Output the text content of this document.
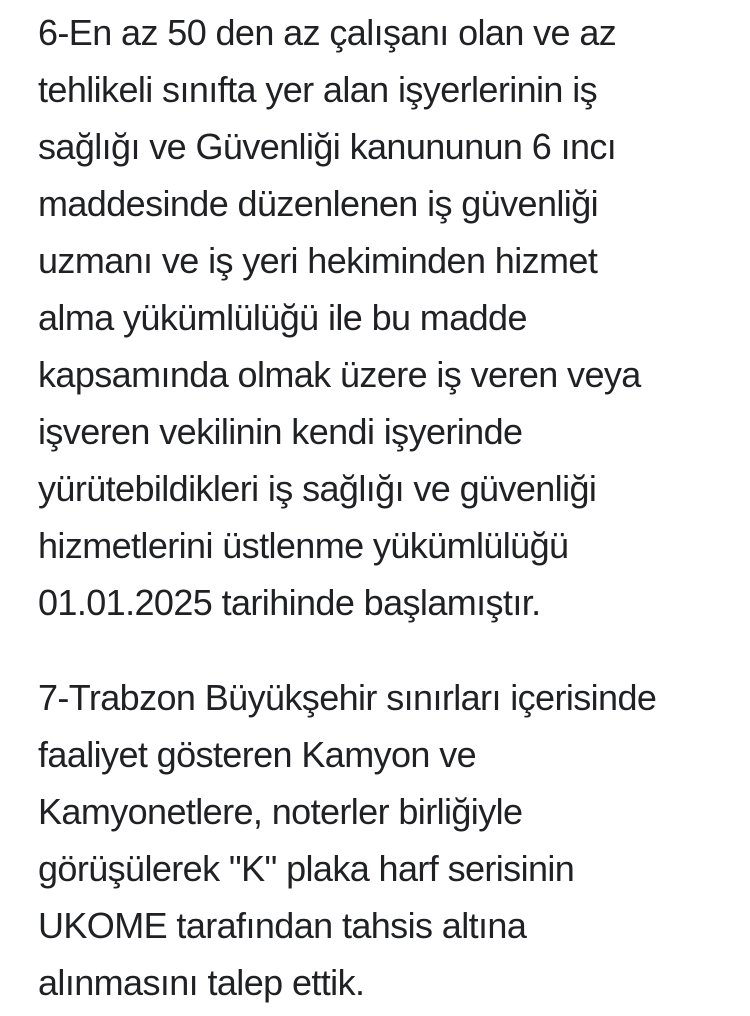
6-En az 50 den az çalışanı olan ve az
tehlikeli sınıfta yer alan işyerlerinin iş
sağlığı ve Güvenliği kanununun 6 ıncı
maddesinde düzenlenen iş güvenliği
uzmanı ve iş yeri hekiminden hizmet
alma yükümlülüğü ile bu madde
kapsamında olmak üzere iş veren veya
işveren vekilinin kendi işyerinde
yürütebildikleri iş sağlığı ve güvenliği
hizmetlerini üstlenme yükümlülüğü
01.01.2025 tarihinde başlamıştır.
7-Trabzon Büyükşehir sınırları içerisinde
faaliyet gösteren Kamyon ve
Kamyonetlere, noterler birliğiyle
görüşülerek "K" plaka harf serisinin
UKOME tarafından tahsis altına
alınmasını talep ettik.
